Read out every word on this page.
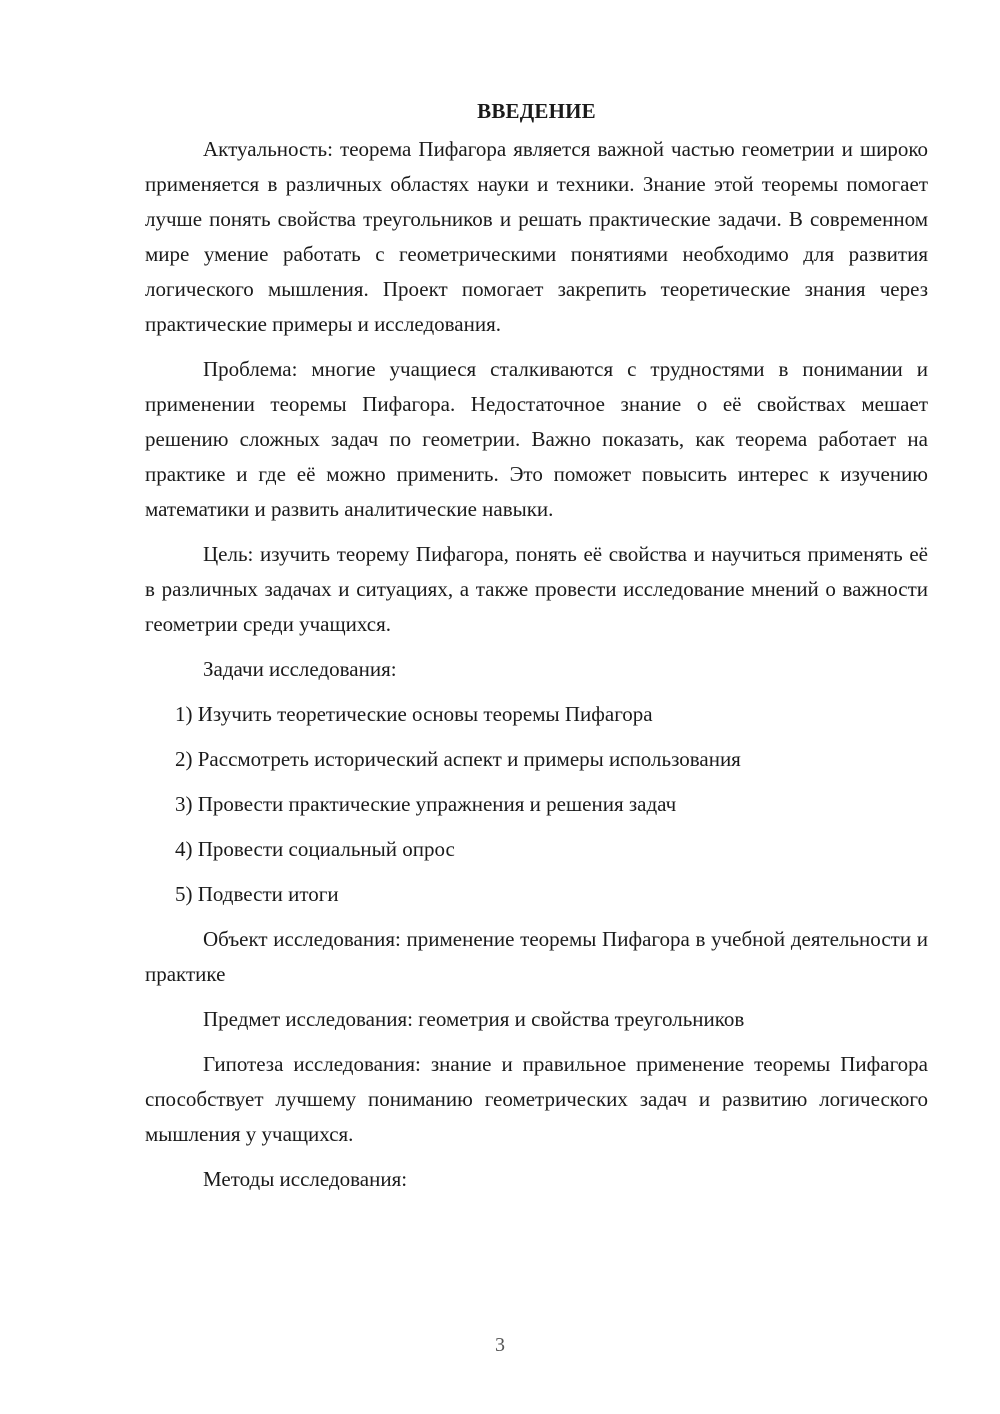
ВВЕДЕНИЕ

Актуальность: теорема Пифагора является важной частью геометрии и широко применяется в различных областях науки и техники. Знание этой теоремы помогает лучше понять свойства треугольников и решать практические задачи. В современном мире умение работать с геометрическими понятиями необходимо для развития логического мышления. Проект помогает закрепить теоретические знания через практические примеры и исследования.

Проблема: многие учащиеся сталкиваются с трудностями в понимании и применении теоремы Пифагора. Недостаточное знание о её свойствах мешает решению сложных задач по геометрии. Важно показать, как теорема работает на практике и где её можно применить. Это поможет повысить интерес к изучению математики и развить аналитические навыки.

Цель: изучить теорему Пифагора, понять её свойства и научиться применять её в различных задачах и ситуациях, а также провести исследование мнений о важности геометрии среди учащихся.

Задачи исследования:

1) Изучить теоретические основы теоремы Пифагора
2) Рассмотреть исторический аспект и примеры использования
3) Провести практические упражнения и решения задач
4) Провести социальный опрос
5) Подвести итоги

Объект исследования: применение теоремы Пифагора в учебной деятельности и практике

Предмет исследования: геометрия и свойства треугольников

Гипотеза исследования: знание и правильное применение теоремы Пифагора способствует лучшему пониманию геометрических задач и развитию логического мышления у учащихся.

Методы исследования:

3
